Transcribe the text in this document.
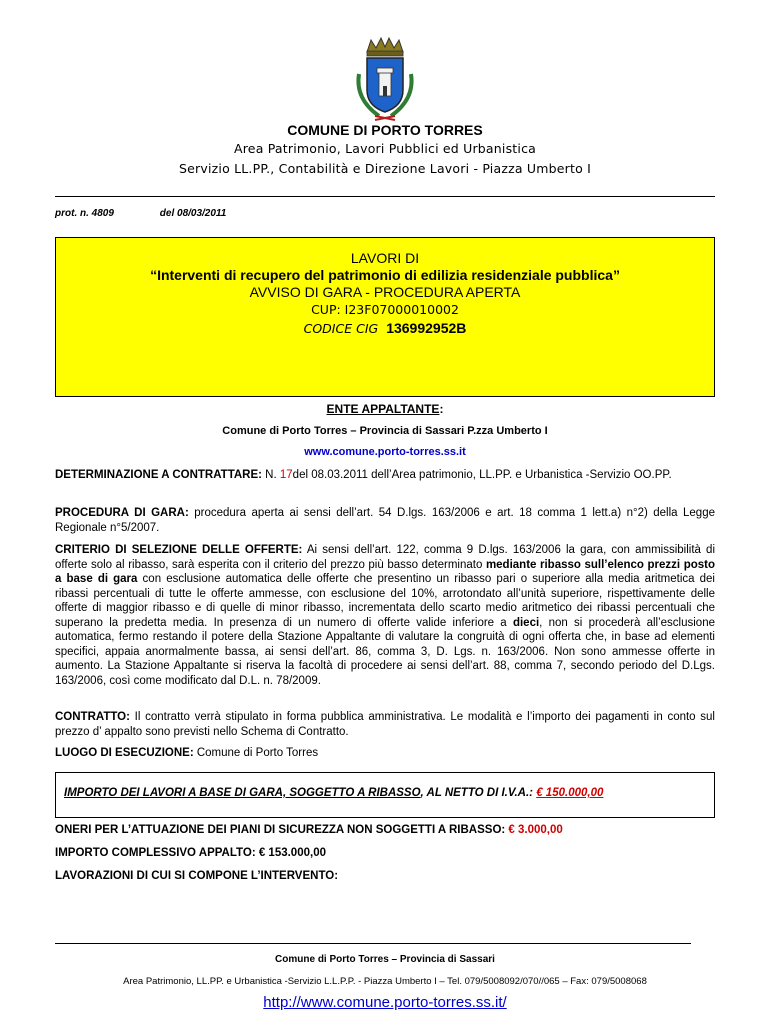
COMUNE DI PORTO TORRES
Area Patrimonio, Lavori Pubblici ed Urbanistica
Servizio LL.PP., Contabilità e Direzione Lavori - Piazza Umberto I
prot. n. 4809	del 08/03/2011
LAVORI DI
“Interventi di recupero del patrimonio di edilizia residenziale pubblica”
AVVISO DI GARA - PROCEDURA APERTA
CUP: I23F07000010002
CODICE CIG 136992952B
ENTE APPALTANTE:
Comune di Porto Torres – Provincia di Sassari P.zza Umberto I
www.comune.porto-torres.ss.it
DETERMINAZIONE A CONTRATTARE: N. 17del 08.03.2011 dell’Area patrimonio, LL.PP. e Urbanistica -Servizio OO.PP.
PROCEDURA DI GARA: procedura aperta ai sensi dell’art. 54 D.lgs. 163/2006 e art. 18 comma 1 lett.a) n°2) della Legge Regionale n°5/2007.
CRITERIO DI SELEZIONE DELLE OFFERTE: Ai sensi dell’art. 122, comma 9 D.lgs. 163/2006 la gara, con ammissibilità di offerte solo al ribasso, sarà esperita con il criterio del prezzo più basso determinato mediante ribasso sull’elenco prezzi posto a base di gara con esclusione automatica delle offerte che presentino un ribasso pari o superiore alla media aritmetica dei ribassi percentuali di tutte le offerte ammesse, con esclusione del 10%, arrotondato all’unità superiore, rispettivamente delle offerte di maggior ribasso e di quelle di minor ribasso, incrementata dello scarto medio aritmetico dei ribassi percentuali che superano la predetta media. In presenza di un numero di offerte valide inferiore a dieci, non si procederà all’esclusione automatica, fermo restando il potere della Stazione Appaltante di valutare la congruità di ogni offerta che, in base ad elementi specifici, appaia anormalmente bassa, ai sensi dell’art. 86, comma 3, D. Lgs. n. 163/2006. Non sono ammesse offerte in aumento. La Stazione Appaltante si riserva la facoltà di procedere ai sensi dell’art. 88, comma 7, secondo periodo del D.Lgs. 163/2006, così come modificato dal D.L. n. 78/2009.
CONTRATTO: Il contratto verrà stipulato in forma pubblica amministrativa. Le modalità e l’importo dei pagamenti in conto sul prezzo d’ appalto sono previsti nello Schema di Contratto.
LUOGO DI ESECUZIONE: Comune di Porto Torres
IMPORTO DEI LAVORI A BASE DI GARA, SOGGETTO A RIBASSO, AL NETTO DI I.V.A.: € 150.000,00
ONERI PER L’ATTUAZIONE DEI PIANI DI SICUREZZA NON SOGGETTI A RIBASSO: € 3.000,00
IMPORTO COMPLESSIVO APPALTO: € 153.000,00
LAVORAZIONI DI CUI SI COMPONE L’INTERVENTO:
Comune di Porto Torres – Provincia di Sassari
Area Patrimonio, LL.PP. e Urbanistica -Servizio L.L.P.P. - Piazza Umberto I – Tel. 079/5008092/070//065 – Fax: 079/5008068
http://www.comune.porto-torres.ss.it/
